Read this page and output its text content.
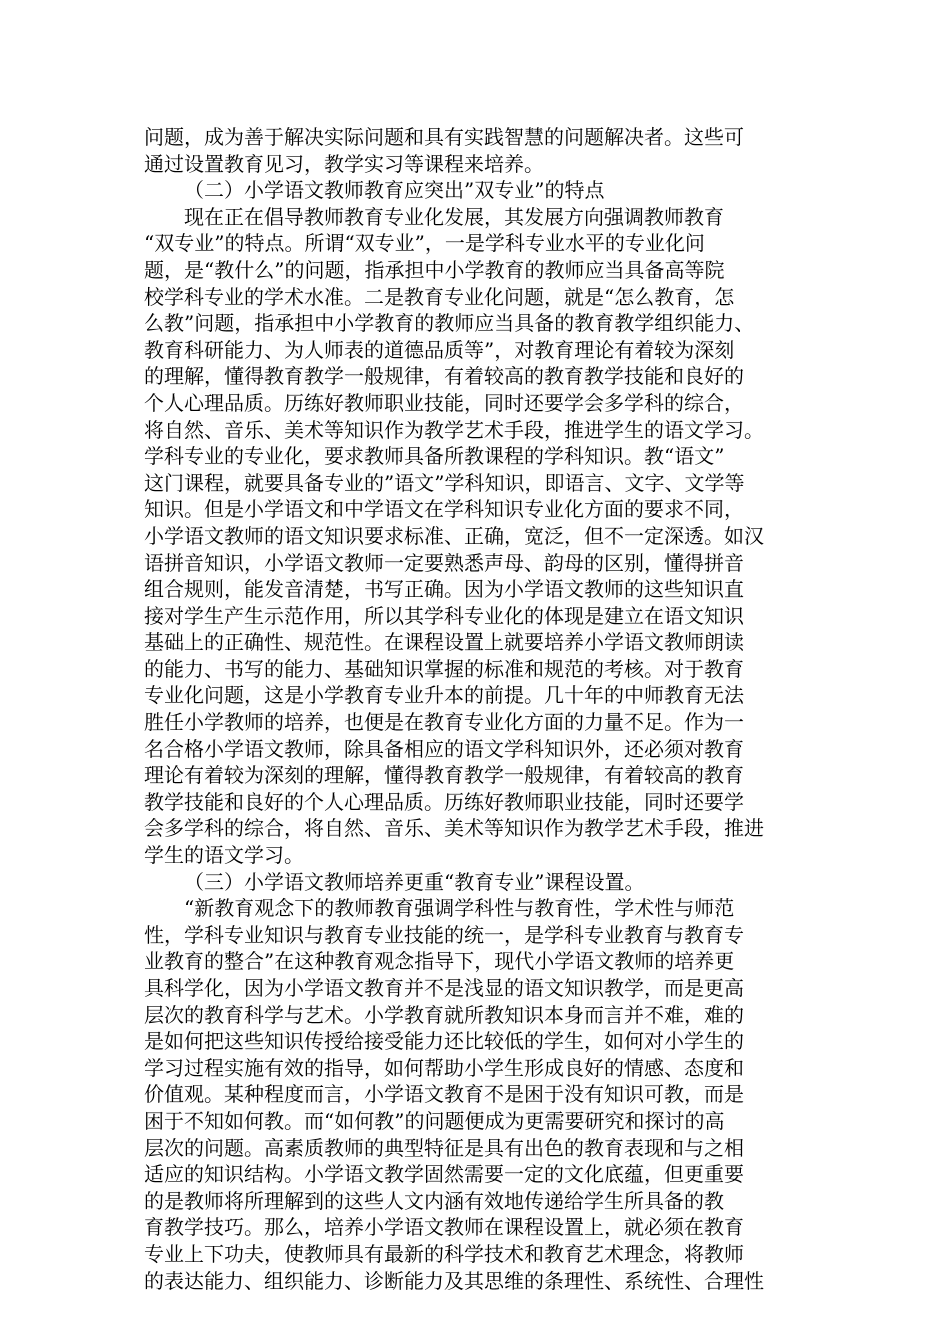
问题，成为善于解决实际问题和具有实践智慧的问题解决者。这些可
通过设置教育见习，教学实习等课程来培养。
（二）小学语文教师教育应突出”双专业”的特点
现在正在倡导教师教育专业化发展，其发展方向强调教师教育
“双专业”的特点。所谓“双专业”，一是学科专业水平的专业化问
题，是“教什么”的问题，指承担中小学教育的教师应当具备高等院
校学科专业的学术水准。二是教育专业化问题，就是“怎么教育，怎
么教”问题，指承担中小学教育的教师应当具备的教育教学组织能力、
教育科研能力、为人师表的道德品质等”，对教育理论有着较为深刻
的理解，懂得教育教学一般规律，有着较高的教育教学技能和良好的
个人心理品质。历练好教师职业技能，同时还要学会多学科的综合，
将自然、音乐、美术等知识作为教学艺术手段，推进学生的语文学习。
学科专业的专业化，要求教师具备所教课程的学科知识。教“语文”
这门课程，就要具备专业的”语文”学科知识，即语言、文字、文学等
知识。但是小学语文和中学语文在学科知识专业化方面的要求不同，
小学语文教师的语文知识要求标准、正确，宽泛，但不一定深透。如汉
语拼音知识，小学语文教师一定要熟悉声母、韵母的区别，懂得拼音
组合规则，能发音清楚，书写正确。因为小学语文教师的这些知识直
接对学生产生示范作用，所以其学科专业化的体现是建立在语文知识
基础上的正确性、规范性。在课程设置上就要培养小学语文教师朗读
的能力、书写的能力、基础知识掌握的标准和规范的考核。对于教育
专业化问题，这是小学教育专业升本的前提。几十年的中师教育无法
胜任小学教师的培养，也便是在教育专业化方面的力量不足。作为一
名合格小学语文教师，除具备相应的语文学科知识外，还必须对教育
理论有着较为深刻的理解，懂得教育教学一般规律，有着较高的教育
教学技能和良好的个人心理品质。历练好教师职业技能，同时还要学
会多学科的综合，将自然、音乐、美术等知识作为教学艺术手段，推进
学生的语文学习。
（三）小学语文教师培养更重“教育专业”课程设置。
“新教育观念下的教师教育强调学科性与教育性，学术性与师范
性，学科专业知识与教育专业技能的统一，是学科专业教育与教育专
业教育的整合”在这种教育观念指导下，现代小学语文教师的培养更
具科学化，因为小学语文教育并不是浅显的语文知识教学，而是更高
层次的教育科学与艺术。小学教育就所教知识本身而言并不难，难的
是如何把这些知识传授给接受能力还比较低的学生，如何对小学生的
学习过程实施有效的指导，如何帮助小学生形成良好的情感、态度和
价值观。某种程度而言，小学语文教育不是困于没有知识可教，而是
困于不知如何教。而“如何教”的问题便成为更需要研究和探讨的高
层次的问题。高素质教师的典型特征是具有出色的教育表现和与之相
适应的知识结构。小学语文教学固然需要一定的文化底蕴，但更重要
的是教师将所理解到的这些人文内涵有效地传递给学生所具备的教
育教学技巧。那么，培养小学语文教师在课程设置上，就必须在教育
专业上下功夫，使教师具有最新的科学技术和教育艺术理念，将教师
的表达能力、组织能力、诊断能力及其思维的条理性、系统性、合理性
